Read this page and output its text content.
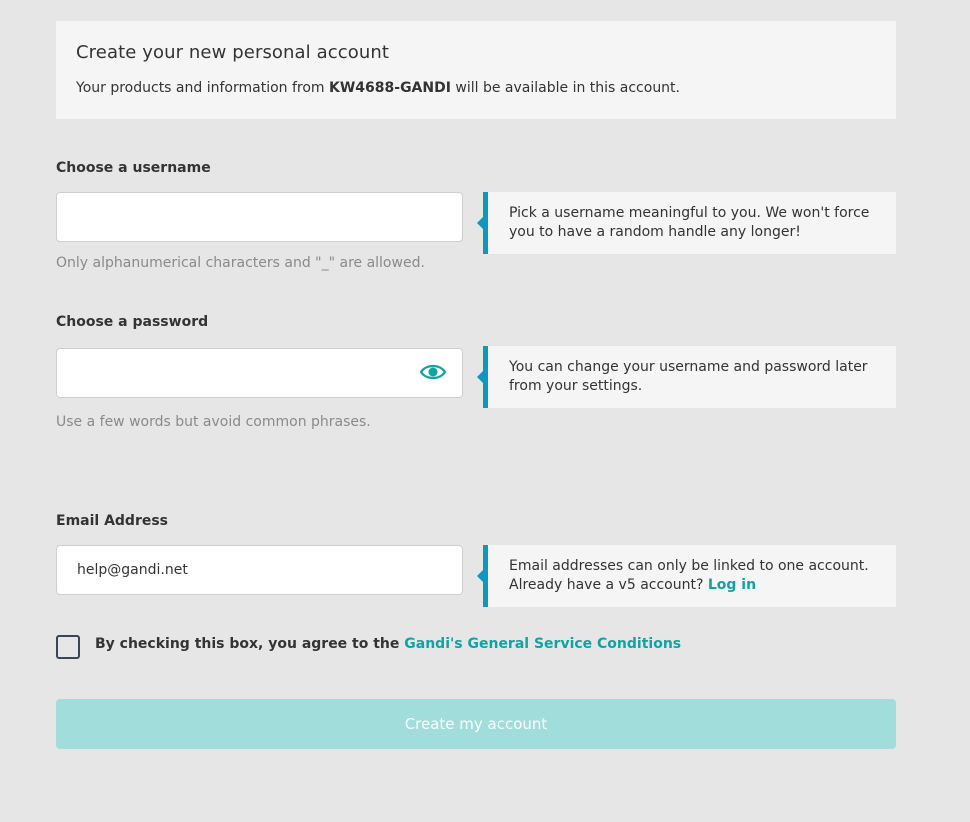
Create your new personal account
Your products and information from KW4688-GANDI will be available in this account.
Choose a username
Only alphanumerical characters and "_" are allowed.
Pick a username meaningful to you. We won't force you to have a random handle any longer!
Choose a password
Use a few words but avoid common phrases.
You can change your username and password later from your settings.
Email Address
help@gandi.net
Email addresses can only be linked to one account. Already have a v5 account? Log in
By checking this box, you agree to the Gandi's General Service Conditions
Create my account
